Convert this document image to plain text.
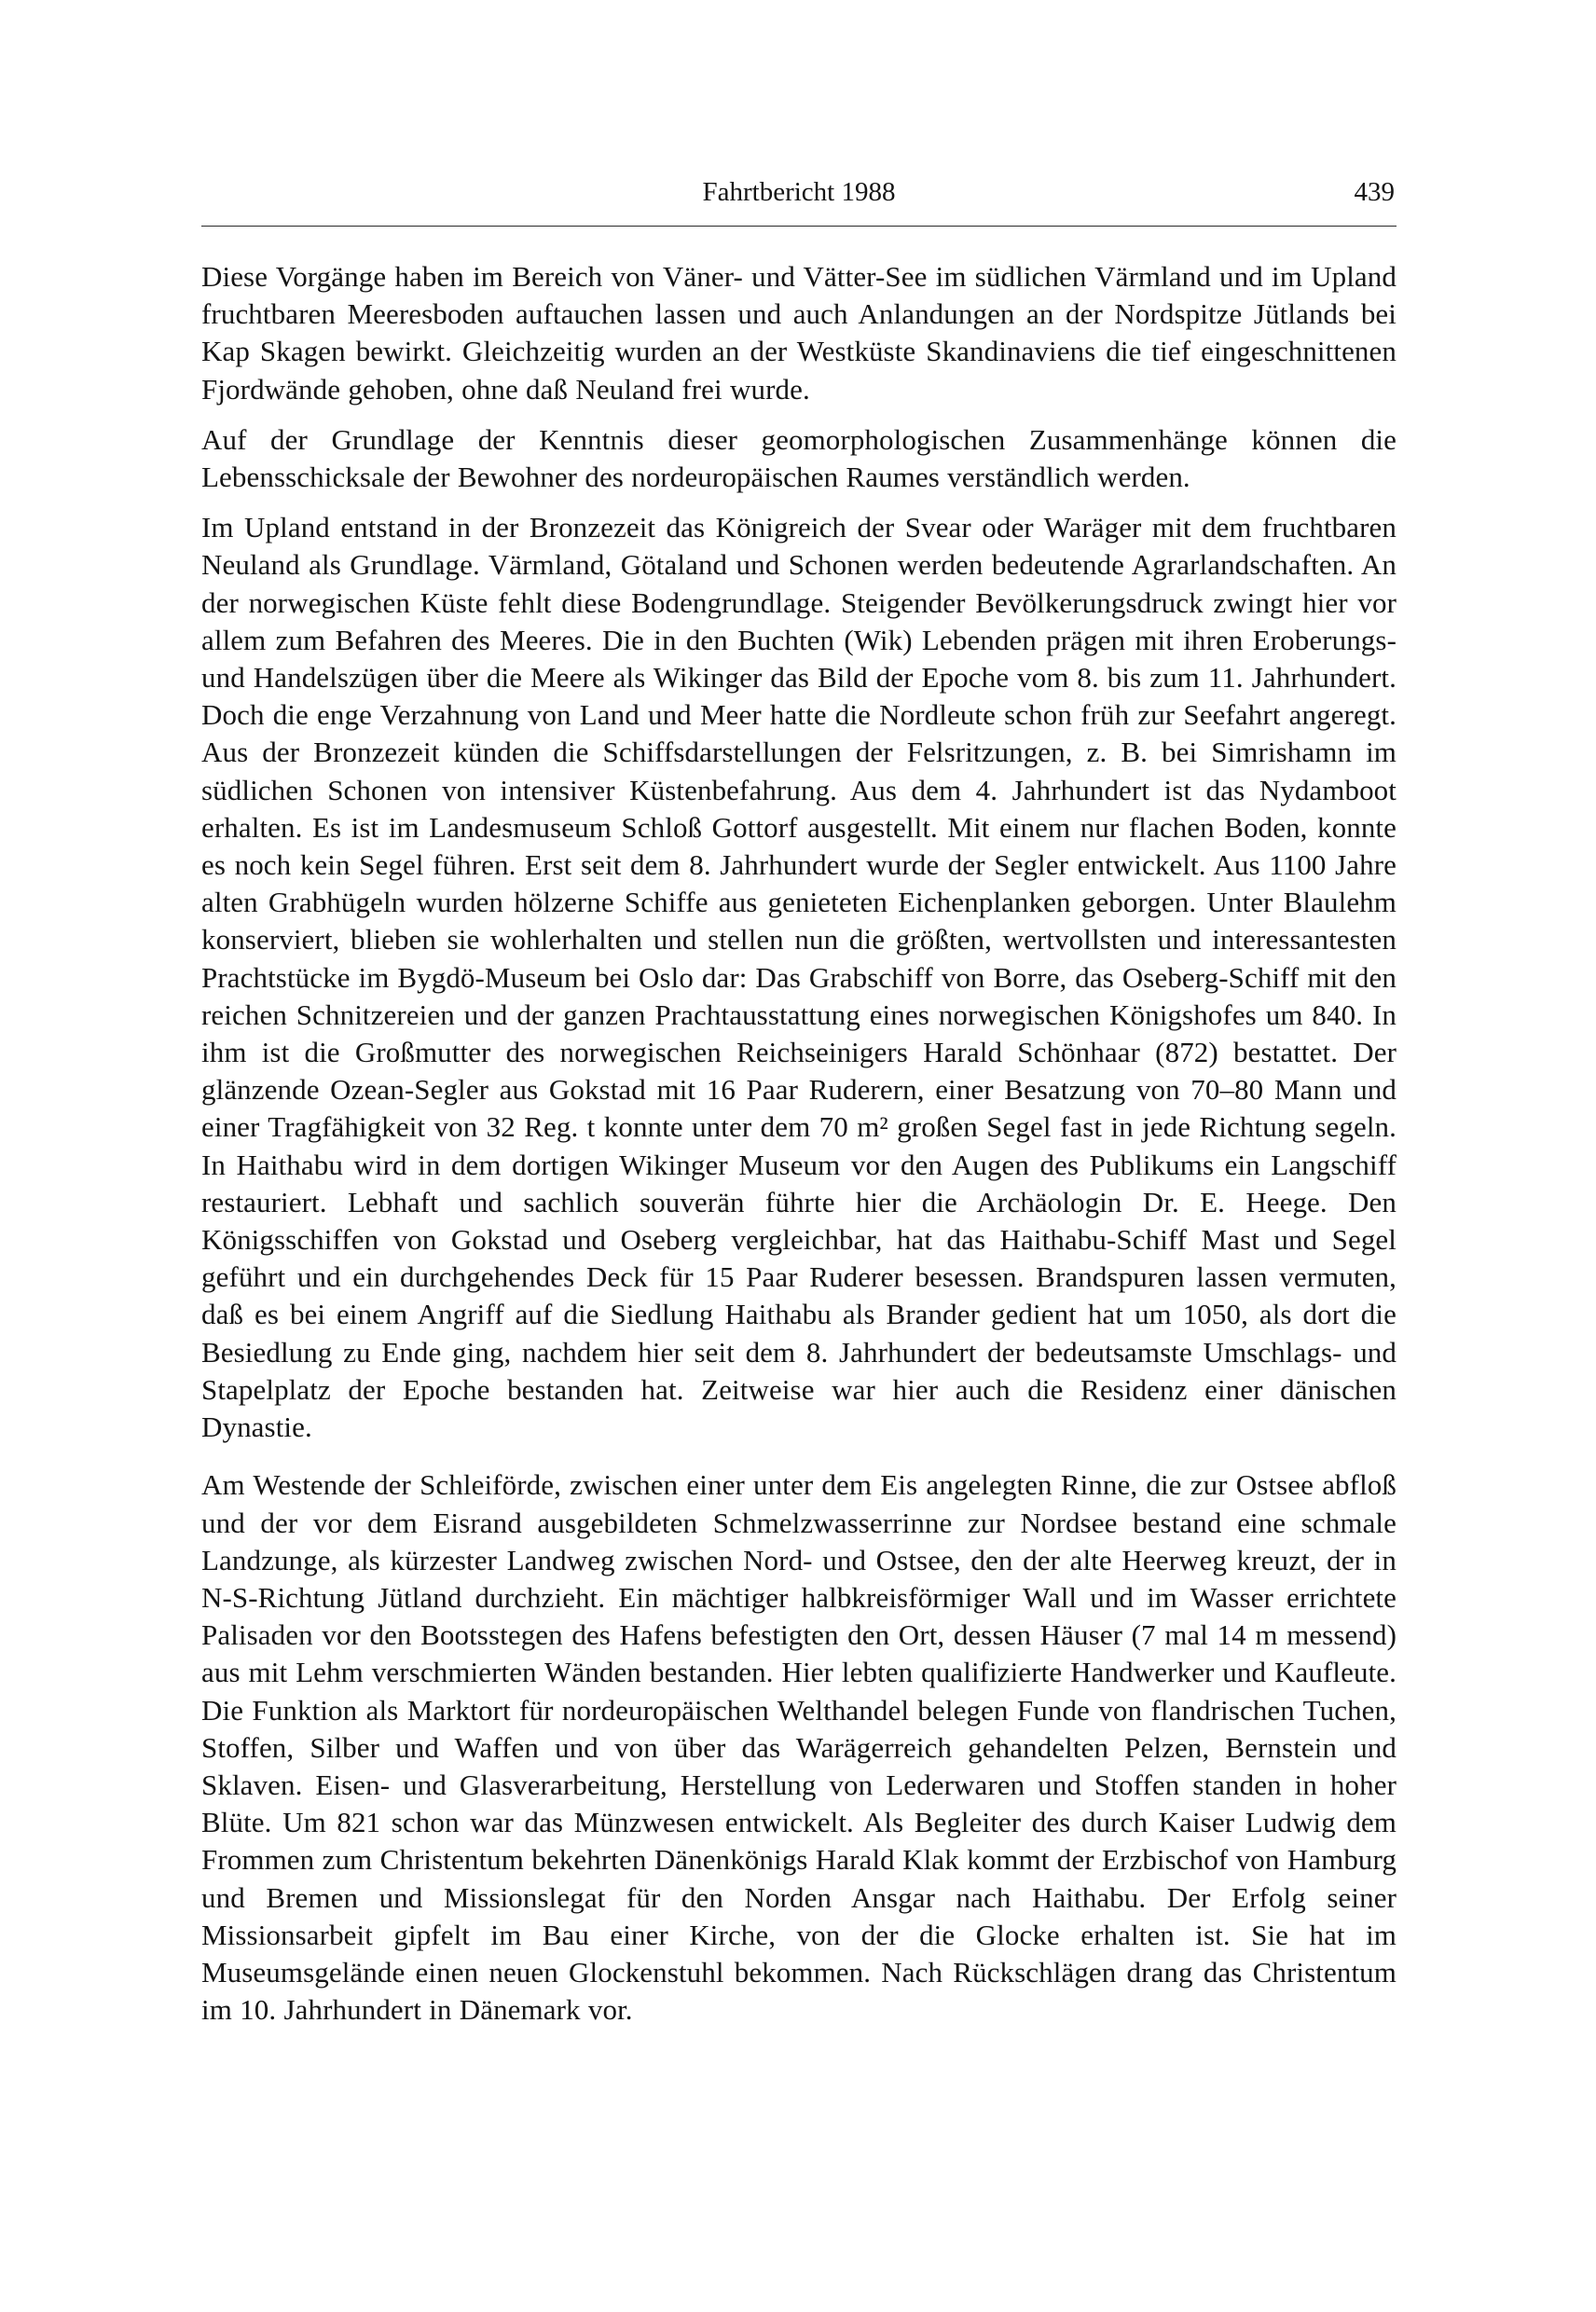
Fahrtbericht 1988	439

Diese Vorgänge haben im Bereich von Väner- und Vätter-See im südlichen Värmland und im Upland fruchtbaren Meeresboden auftauchen lassen und auch Anlandungen an der Nordspitze Jütlands bei Kap Skagen bewirkt. Gleichzeitig wurden an der Westküste Skandinaviens die tief eingeschnittenen Fjordwände gehoben, ohne daß Neuland frei wurde.

Auf der Grundlage der Kenntnis dieser geomorphologischen Zusammenhänge können die Lebensschicksale der Bewohner des nordeuropäischen Raumes verständlich werden.

Im Upland entstand in der Bronzezeit das Königreich der Svear oder Waräger mit dem fruchtbaren Neuland als Grundlage. Värmland, Götaland und Schonen werden bedeutende Agrarlandschaften. An der norwegischen Küste fehlt diese Bodengrundlage. Steigender Bevölkerungsdruck zwingt hier vor allem zum Befahren des Meeres. Die in den Buchten (Wik) Lebenden prägen mit ihren Eroberungs- und Handelszügen über die Meere als Wikinger das Bild der Epoche vom 8. bis zum 11. Jahrhundert. Doch die enge Verzahnung von Land und Meer hatte die Nordleute schon früh zur Seefahrt angeregt. Aus der Bronzezeit künden die Schiffsdarstellungen der Felsritzungen, z. B. bei Simrishamn im südlichen Schonen von intensiver Küstenbefahrung. Aus dem 4. Jahrhundert ist das Nydamboot erhalten. Es ist im Landesmuseum Schloß Gottorf ausgestellt. Mit einem nur flachen Boden, konnte es noch kein Segel führen. Erst seit dem 8. Jahrhundert wurde der Segler entwickelt. Aus 1100 Jahre alten Grabhügeln wurden hölzerne Schiffe aus genieteten Eichenplanken geborgen. Unter Blaulehm konserviert, blieben sie wohlerhalten und stellen nun die größten, wertvollsten und interessantesten Prachtstücke im Bygdö-Museum bei Oslo dar: Das Grabschiff von Borre, das Oseberg-Schiff mit den reichen Schnitzereien und der ganzen Prachtausstattung eines norwegischen Königshofes um 840. In ihm ist die Großmutter des norwegischen Reichseinigers Harald Schönhaar (872) bestattet. Der glänzende Ozean-Segler aus Gokstad mit 16 Paar Ruderern, einer Besatzung von 70–80 Mann und einer Tragfähigkeit von 32 Reg. t konnte unter dem 70 m² großen Segel fast in jede Richtung segeln. In Haithabu wird in dem dortigen Wikinger Museum vor den Augen des Publikums ein Langschiff restauriert. Lebhaft und sachlich souverän führte hier die Archäologin Dr. E. Heege. Den Königsschiffen von Gokstad und Oseberg vergleichbar, hat das Haithabu-Schiff Mast und Segel geführt und ein durchgehendes Deck für 15 Paar Ruderer besessen. Brandspuren lassen vermuten, daß es bei einem Angriff auf die Siedlung Haithabu als Brander gedient hat um 1050, als dort die Besiedlung zu Ende ging, nachdem hier seit dem 8. Jahrhundert der bedeutsamste Umschlags- und Stapelplatz der Epoche bestanden hat. Zeitweise war hier auch die Residenz einer dänischen Dynastie.

Am Westende der Schleiförde, zwischen einer unter dem Eis angelegten Rinne, die zur Ostsee abfloß und der vor dem Eisrand ausgebildeten Schmelzwasserrinne zur Nordsee bestand eine schmale Landzunge, als kürzester Landweg zwischen Nord- und Ostsee, den der alte Heerweg kreuzt, der in N-S-Richtung Jütland durchzieht. Ein mächtiger halbkreisförmiger Wall und im Wasser errichtete Palisaden vor den Bootsstegen des Hafens befestigten den Ort, dessen Häuser (7 mal 14 m messend) aus mit Lehm verschmierten Wänden bestanden. Hier lebten qualifizierte Handwerker und Kaufleute. Die Funktion als Marktort für nordeuropäischen Welthandel belegen Funde von flandrischen Tuchen, Stoffen, Silber und Waffen und von über das Warägerreich gehandelten Pelzen, Bernstein und Sklaven. Eisen- und Glasverarbeitung, Herstellung von Lederwaren und Stoffen standen in hoher Blüte. Um 821 schon war das Münzwesen entwickelt. Als Begleiter des durch Kaiser Ludwig dem Frommen zum Christentum bekehrten Dänenkönigs Harald Klak kommt der Erzbischof von Hamburg und Bremen und Missionslegat für den Norden Ansgar nach Haithabu. Der Erfolg seiner Missionsarbeit gipfelt im Bau einer Kirche, von der die Glocke erhalten ist. Sie hat im Museumsgelände einen neuen Glockenstuhl bekommen. Nach Rückschlägen drang das Christentum im 10. Jahrhundert in Dänemark vor.
